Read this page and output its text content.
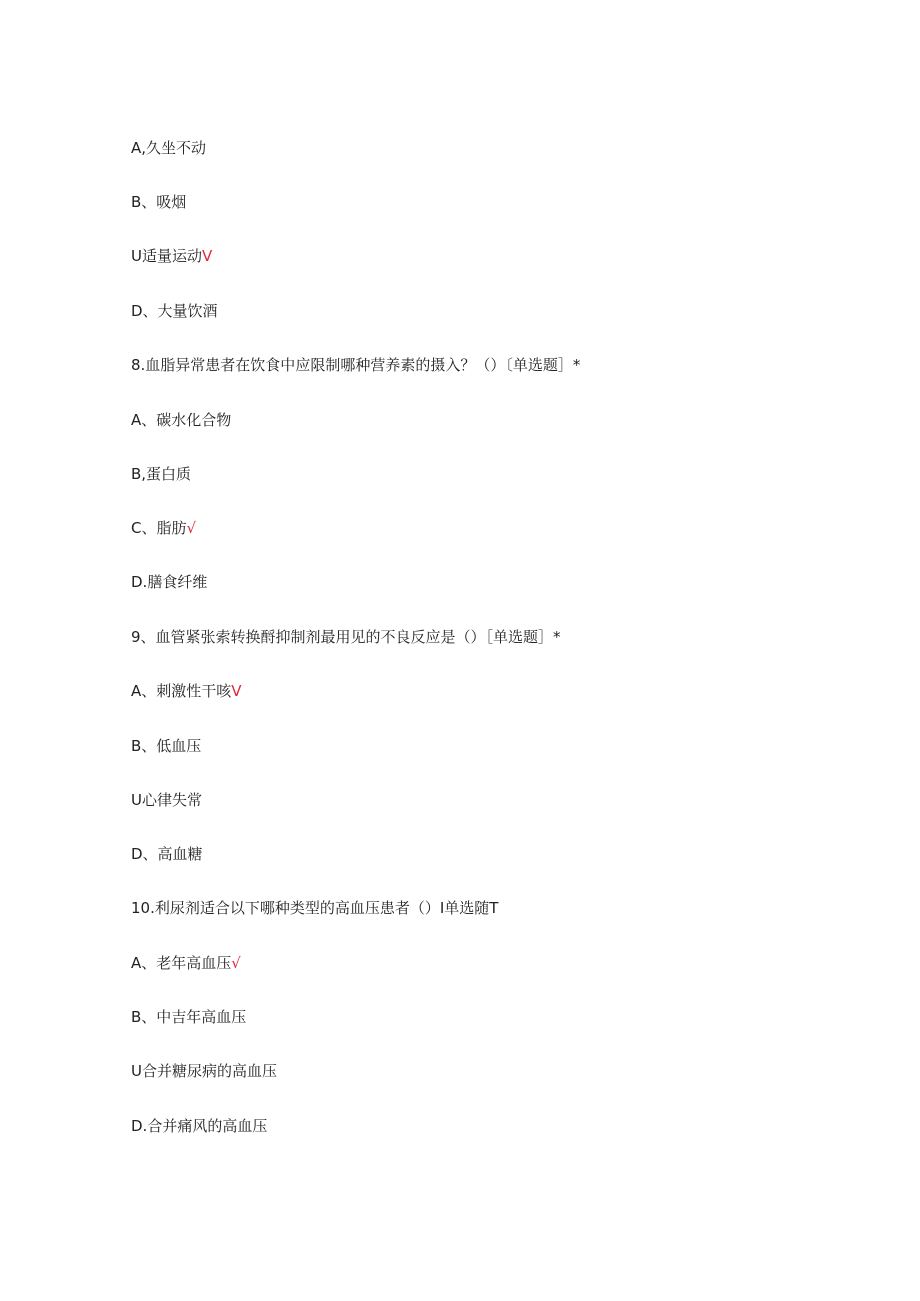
A,久坐不动
B、吸烟
U适量运动V
D、大量饮酒
8.血脂异常患者在饮食中应限制哪种营养素的摄入？（）〔单选题］*
A、碳水化合物
B,蛋白质
C、脂肪√
D.膳食纤维
9、血管紧张索转换酹抑制剂最用见的不良反应是（）［单选题］*
A、刺激性干咳V
B、低血压
U心律失常
D、高血糖
10.利尿剂适合以下哪种类型的高血压患者（）I单选随T
A、老年高血压√
B、中吉年高血压
U合并糖尿病的高血压
D.合并痛风的高血压
